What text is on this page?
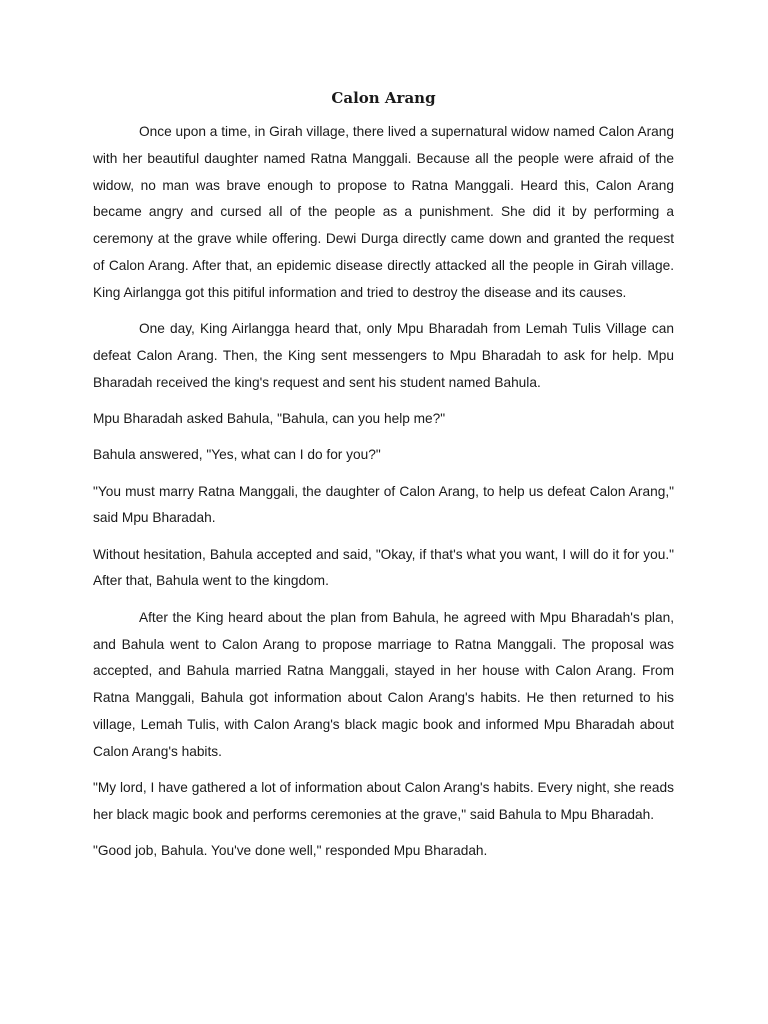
Calon Arang

Once upon a time, in Girah village, there lived a supernatural widow named Calon Arang with her beautiful daughter named Ratna Manggali. Because all the people were afraid of the widow, no man was brave enough to propose to Ratna Manggali. Heard this, Calon Arang became angry and cursed all of the people as a punishment. She did it by performing a ceremony at the grave while offering. Dewi Durga directly came down and granted the request of Calon Arang. After that, an epidemic disease directly attacked all the people in Girah village. King Airlangga got this pitiful information and tried to destroy the disease and its causes.

One day, King Airlangga heard that, only Mpu Bharadah from Lemah Tulis Village can defeat Calon Arang. Then, the King sent messengers to Mpu Bharadah to ask for help. Mpu Bharadah received the king's request and sent his student named Bahula.

Mpu Bharadah asked Bahula, "Bahula, can you help me?"

Bahula answered, "Yes, what can I do for you?"

"You must marry Ratna Manggali, the daughter of Calon Arang, to help us defeat Calon Arang," said Mpu Bharadah.

Without hesitation, Bahula accepted and said, "Okay, if that's what you want, I will do it for you." After that, Bahula went to the kingdom.

After the King heard about the plan from Bahula, he agreed with Mpu Bharadah's plan, and Bahula went to Calon Arang to propose marriage to Ratna Manggali. The proposal was accepted, and Bahula married Ratna Manggali, stayed in her house with Calon Arang. From Ratna Manggali, Bahula got information about Calon Arang's habits. He then returned to his village, Lemah Tulis, with Calon Arang's black magic book and informed Mpu Bharadah about Calon Arang's habits.

"My lord, I have gathered a lot of information about Calon Arang's habits. Every night, she reads her black magic book and performs ceremonies at the grave," said Bahula to Mpu Bharadah.

"Good job, Bahula. You've done well," responded Mpu Bharadah.
